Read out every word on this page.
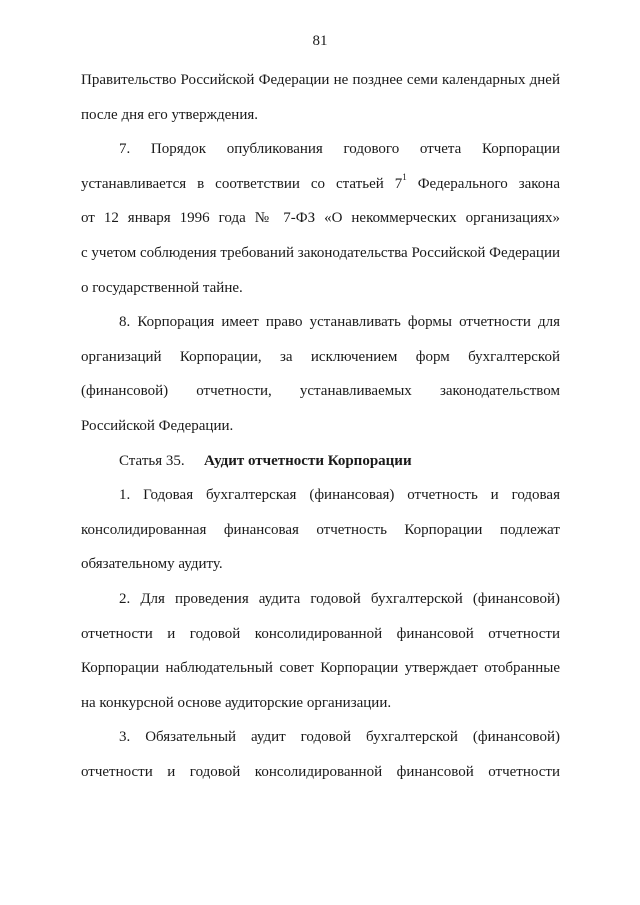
81
Правительство Российской Федерации не позднее семи календарных дней
после дня его утверждения.
7. Порядок опубликования годового отчета Корпорации
устанавливается в соответствии со статьей $7^1$ Федерального закона
от 12 января 1996 года № 7-ФЗ «О некоммерческих организациях»
с учетом соблюдения требований законодательства Российской Федерации
о государственной тайне.
8. Корпорация имеет право устанавливать формы отчетности для
организаций Корпорации, за исключением форм бухгалтерской
(финансовой) отчетности, устанавливаемых законодательством
Российской Федерации.
Статья 35. Аудит отчетности Корпорации
1. Годовая бухгалтерская (финансовая) отчетность и годовая
консолидированная финансовая отчетность Корпорации подлежат
обязательному аудиту.
2. Для проведения аудита годовой бухгалтерской (финансовой)
отчетности и годовой консолидированной финансовой отчетности
Корпорации наблюдательный совет Корпорации утверждает отобранные
на конкурсной основе аудиторские организации.
3. Обязательный аудит годовой бухгалтерской (финансовой)
отчетности и годовой консолидированной финансовой отчетности
